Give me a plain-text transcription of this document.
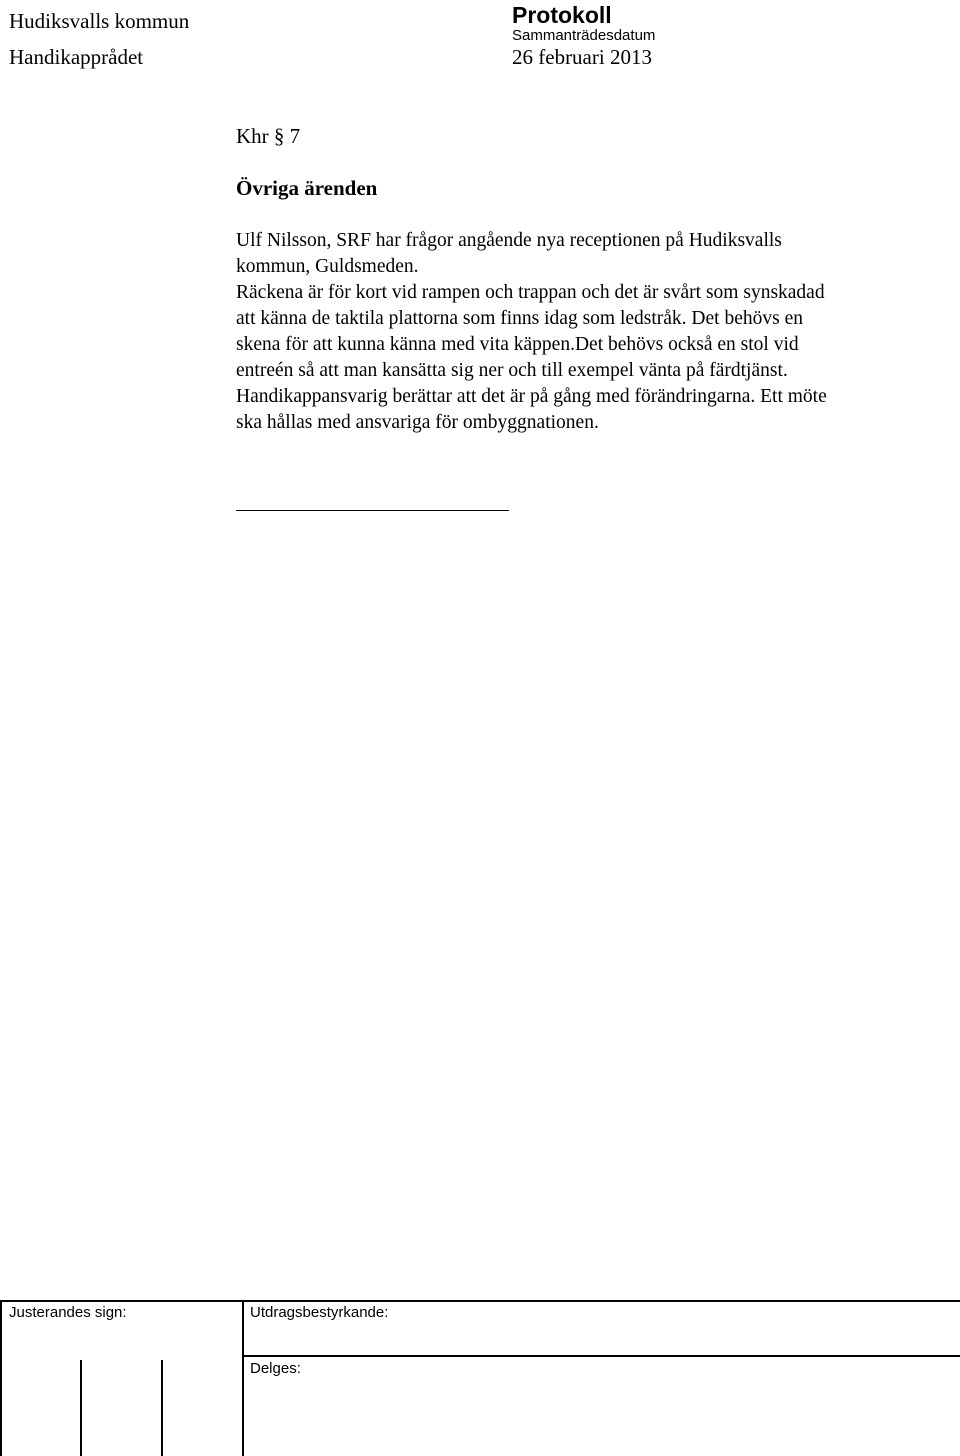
Hudiksvalls kommun
Handikapprådet
Protokoll
Sammanträdesdatum
26 februari 2013
Khr § 7
Övriga ärenden
Ulf Nilsson, SRF har frågor angående nya receptionen på Hudiksvalls
kommun, Guldsmeden.
Räckena är för kort vid rampen och trappan och det är svårt som synskadad
att känna de taktila plattorna som finns idag som ledstråk. Det behövs en
skena för att kunna känna med vita käppen.Det behövs också en stol vid
entreén så att man kansätta sig ner och till exempel vänta på färdtjänst.
Handikappansvarig berättar att det är på gång med förändringarna. Ett möte
ska hållas med ansvariga för ombyggnationen.
Justerandes sign:	Utdragsbestyrkande:
Delges:
